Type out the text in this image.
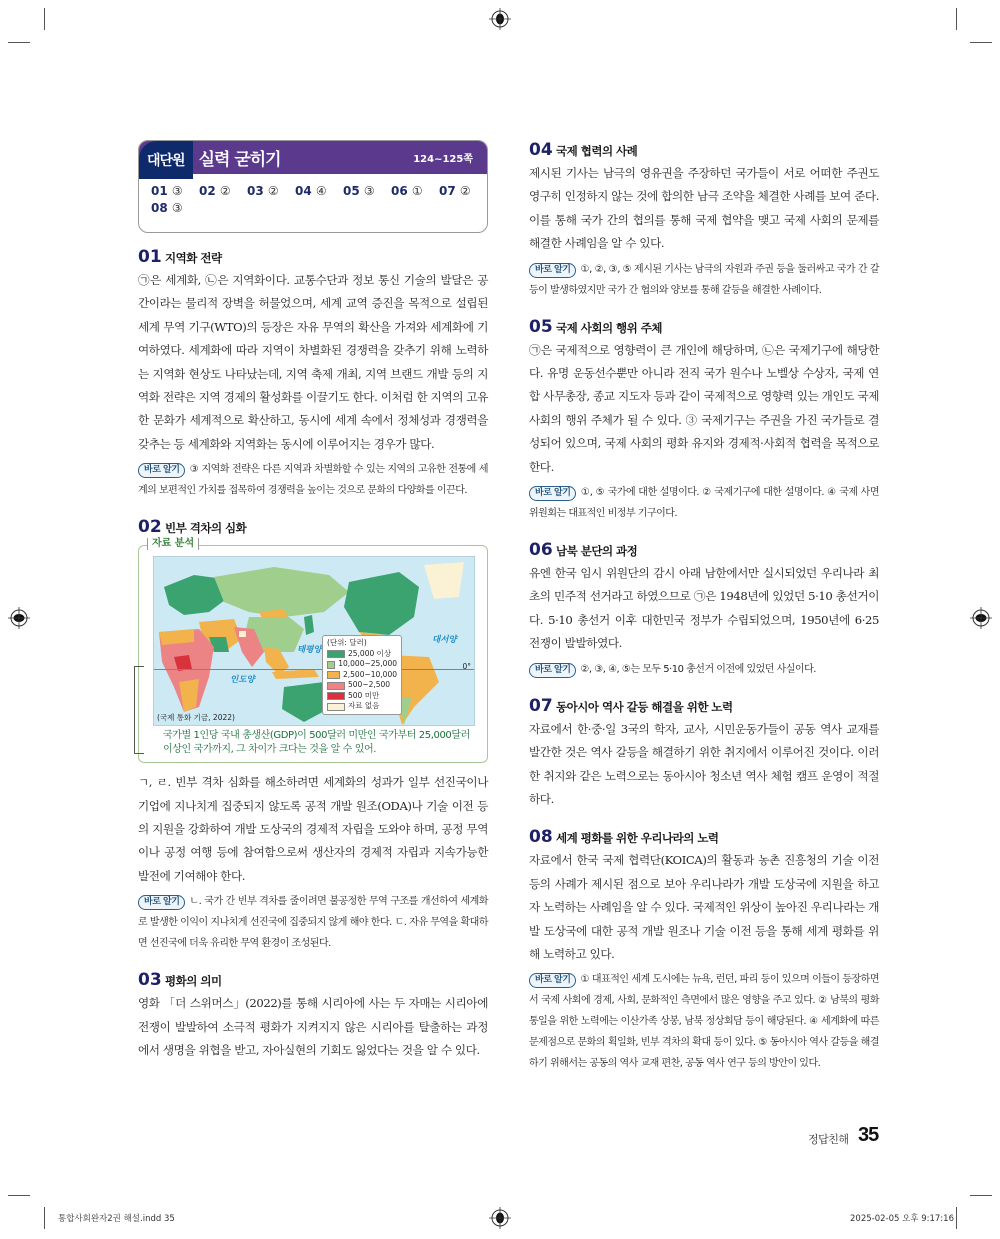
대단원 실력 굳히기	124~125쪽
01 ③	02 ②	03 ②	04 ④	05 ③	06 ①	07 ②
08 ③
01 지역화 전략

㉠은 세계화, ㉡은 지역화이다. 교통수단과 정보 통신 기술의 발달은 공간이라는 물리적 장벽을 허물었으며, 세계 교역 증진을 목적으로 설립된 세계 무역 기구(WTO)의 등장은 자유 무역의 확산을 가져와 세계화에 기여하였다. 세계화에 따라 지역이 차별화된 경쟁력을 갖추기 위해 노력하는 지역화 현상도 나타났는데, 지역 축제 개최, 지역 브랜드 개발 등의 지역화 전략은 지역 경제의 활성화를 이끌기도 한다. 이처럼 한 지역의 고유한 문화가 세계적으로 확산하고, 동시에 세계 속에서 정체성과 경쟁력을 갖추는 등 세계화와 지역화는 동시에 이루어지는 경우가 많다.

바로 알기 ③ 지역화 전략은 다른 지역과 차별화할 수 있는 지역의 고유한 전통에 세계의 보편적인 가치를 접목하여 경쟁력을 높이는 것으로 문화의 다양화를 이끈다.

02 빈부 격차의 심화
자료 분석
0°
태평양
대서양
인도양
(단위: 달러)
25,000 이상
10,000~25,000
2,500~10,000
500~2,500
500 미만
자료 없음
(국제 통화 기금, 2022)

국가별 1인당 국내 총생산(GDP)이 500달러 미만인 국가부터 25,000달러 이상인 국가까지, 그 차이가 크다는 것을 알 수 있어.

ㄱ, ㄹ. 빈부 격차 심화를 해소하려면 세계화의 성과가 일부 선진국이나 기업에 지나치게 집중되지 않도록 공적 개발 원조(ODA)나 기술 이전 등의 지원을 강화하여 개발 도상국의 경제적 자립을 도와야 하며, 공정 무역이나 공정 여행 등에 참여함으로써 생산자의 경제적 자립과 지속가능한 발전에 기여해야 한다.

바로 알기 ㄴ. 국가 간 빈부 격차를 줄이려면 불공정한 무역 구조를 개선하여 세계화로 발생한 이익이 지나치게 선진국에 집중되지 않게 해야 한다. ㄷ. 자유 무역을 확대하면 선진국에 더욱 유리한 무역 환경이 조성된다.

03 평화의 의미

영화 「더 스위머스」(2022)를 통해 시리아에 사는 두 자매는 시리아에 전쟁이 발발하여 소극적 평화가 지켜지지 않은 시리아를 탈출하는 과정에서 생명을 위협을 받고, 자아실현의 기회도 잃었다는 것을 알 수 있다.

04 국제 협력의 사례

제시된 기사는 남극의 영유권을 주장하던 국가들이 서로 어떠한 주권도 영구히 인정하지 않는 것에 합의한 남극 조약을 체결한 사례를 보여 준다. 이를 통해 국가 간의 협의를 통해 국제 협약을 맺고 국제 사회의 문제를 해결한 사례임을 알 수 있다.

바로 알기 ①, ②, ③, ⑤ 제시된 기사는 남극의 자원과 주권 등을 둘러싸고 국가 간 갈등이 발생하였지만 국가 간 협의와 양보를 통해 갈등을 해결한 사례이다.

05 국제 사회의 행위 주체

㉠은 국제적으로 영향력이 큰 개인에 해당하며, ㉡은 국제기구에 해당한다. 유명 운동선수뿐만 아니라 전직 국가 원수나 노벨상 수상자, 국제 연합 사무총장, 종교 지도자 등과 같이 국제적으로 영향력 있는 개인도 국제 사회의 행위 주체가 될 수 있다. ③ 국제기구는 주권을 가진 국가들로 결성되어 있으며, 국제 사회의 평화 유지와 경제적·사회적 협력을 목적으로 한다.

바로 알기 ①, ⑤ 국가에 대한 설명이다. ② 국제기구에 대한 설명이다. ④ 국제 사면 위원회는 대표적인 비정부 기구이다.

06 남북 분단의 과정

유엔 한국 임시 위원단의 감시 아래 남한에서만 실시되었던 우리나라 최초의 민주적 선거라고 하였으므로 ㉠은 1948년에 있었던 5·10 총선거이다. 5·10 총선거 이후 대한민국 정부가 수립되었으며, 1950년에 6·25 전쟁이 발발하였다.

바로 알기 ②, ③, ④, ⑤는 모두 5·10 총선거 이전에 있었던 사실이다.

07 동아시아 역사 갈등 해결을 위한 노력

자료에서 한·중·일 3국의 학자, 교사, 시민운동가들이 공동 역사 교재를 발간한 것은 역사 갈등을 해결하기 위한 취지에서 이루어진 것이다. 이러한 취지와 같은 노력으로는 동아시아 청소년 역사 체험 캠프 운영이 적절하다.

08 세계 평화를 위한 우리나라의 노력

자료에서 한국 국제 협력단(KOICA)의 활동과 농촌 진흥청의 기술 이전 등의 사례가 제시된 점으로 보아 우리나라가 개발 도상국에 지원을 하고자 노력하는 사례임을 알 수 있다. 국제적인 위상이 높아진 우리나라는 개발 도상국에 대한 공적 개발 원조나 기술 이전 등을 통해 세계 평화를 위해 노력하고 있다.

바로 알기 ① 대표적인 세계 도시에는 뉴욕, 런던, 파리 등이 있으며 이들이 등장하면서 국제 사회에 경제, 사회, 문화적인 측면에서 많은 영향을 주고 있다. ② 남북의 평화 통일을 위한 노력에는 이산가족 상봉, 남북 정상회담 등이 해당된다. ④ 세계화에 따른 문제점으로 문화의 획일화, 빈부 격차의 확대 등이 있다. ⑤ 동아시아 역사 갈등을 해결하기 위해서는 공동의 역사 교재 편찬, 공동 역사 연구 등의 방안이 있다.

정답친해 35
통합사회완자2권 해설.indd 35	2025-02-05 오후 9:17:16
